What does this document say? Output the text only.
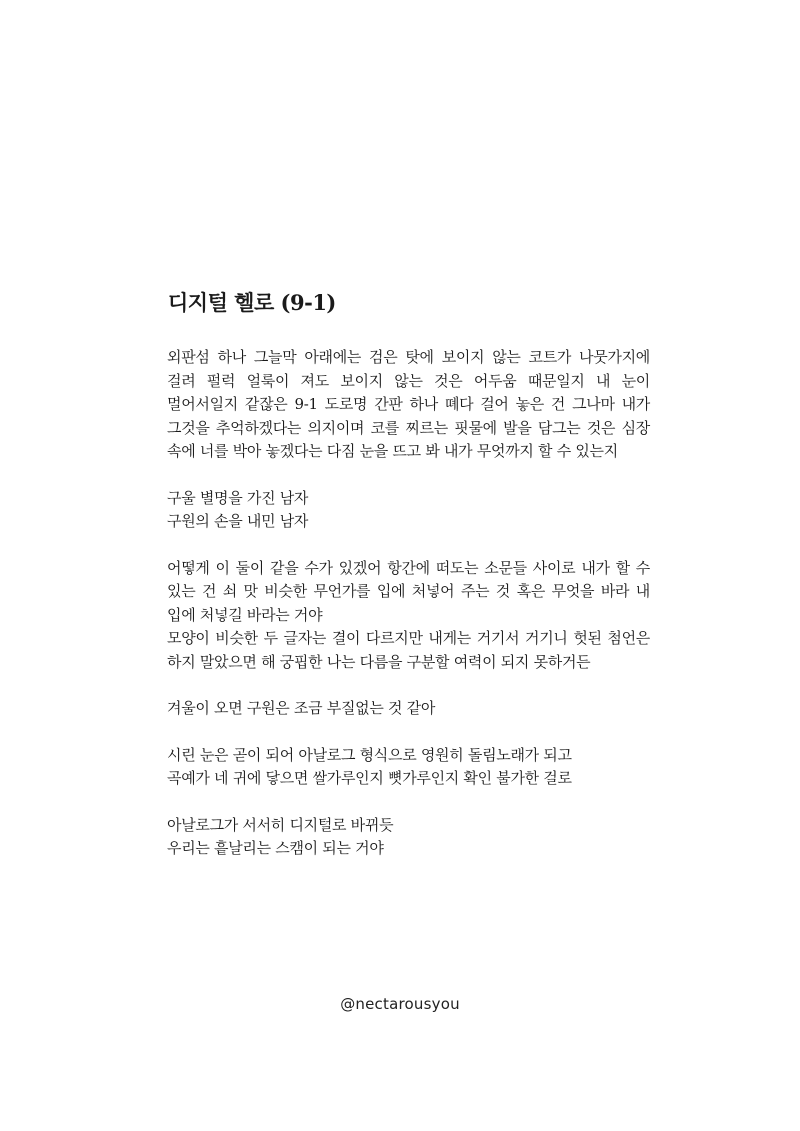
디지털 헬로 (9-1)

외판섬 하나 그늘막 아래에는 검은 탓에 보이지 않는 코트가 나뭇가지에 걸려 펄럭 얼룩이 져도 보이지 않는 것은 어두움 때문일지 내 눈이 멀어서일지 같잖은 9-1 도로명 간판 하나 뗴다 걸어 놓은 건 그나마 내가 그것을 추억하겠다는 의지이며 코를 찌르는 핏물에 발을 담그는 것은 심장 속에 너를 박아 놓겠다는 다짐 눈을 뜨고 봐 내가 무엇까지 할 수 있는지

구울 별명을 가진 남자
구원의 손을 내민 남자

어떻게 이 둘이 같을 수가 있겠어 항간에 떠도는 소문들 사이로 내가 할 수 있는 건 쇠 맛 비슷한 무언가를 입에 처넣어 주는 것 혹은 무엇을 바라 내 입에 처넣길 바라는 거야
모양이 비슷한 두 글자는 결이 다르지만 내게는 거기서 거기니 헛된 첨언은 하지 말았으면 해 궁핍한 나는 다름을 구분할 여력이 되지 못하거든

겨울이 오면 구원은 조금 부질없는 것 같아

시린 눈은 곧이 되어 아날로그 형식으로 영원히 돌림노래가 되고
곡예가 네 귀에 닿으면 쌀가루인지 뼛가루인지 확인 불가한 걸로

아날로그가 서서히 디지털로 바뀌듯
우리는 흩날리는 스캠이 되는 거야

@nectarousyou
